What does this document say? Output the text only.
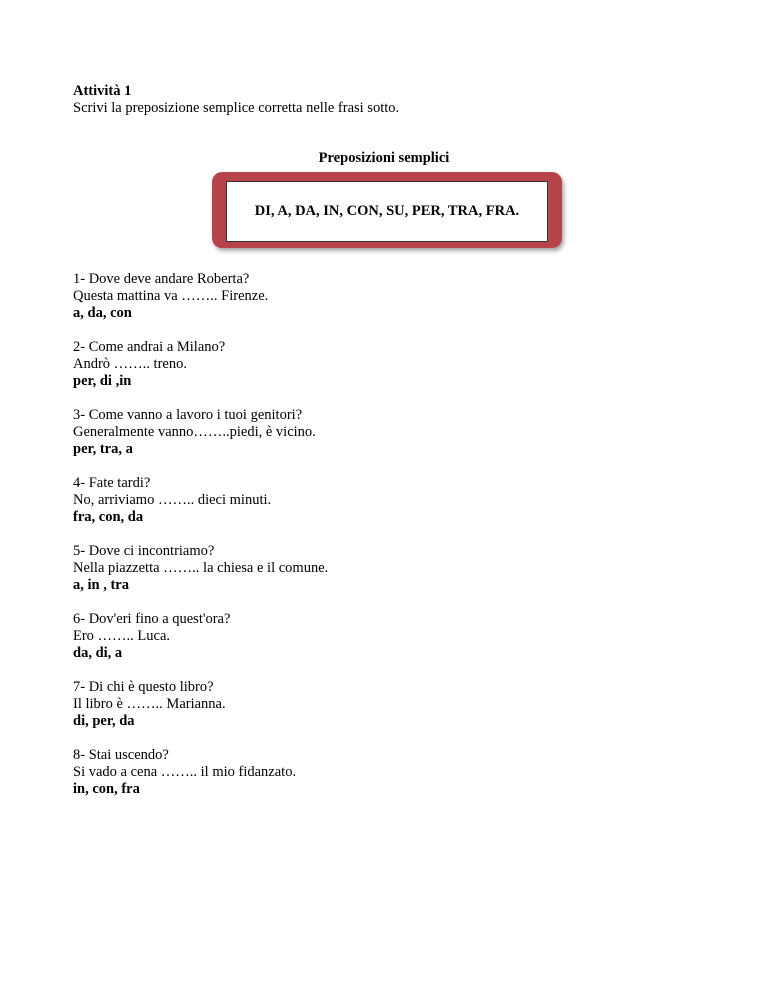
Attività 1
Scrivi la preposizione semplice corretta nelle frasi sotto.
Preposizioni semplici
DI, A, DA, IN, CON, SU, PER, TRA, FRA.
1- Dove deve andare Roberta?
Questa mattina va …….. Firenze.
a, da, con
2- Come andrai a Milano?
Andrò …….. treno.
per, di ,in
3- Come vanno a lavoro i tuoi genitori?
Generalmente vanno……..piedi, è vicino.
per, tra, a
4- Fate tardi?
No, arriviamo …….. dieci minuti.
fra, con, da
5- Dove ci incontriamo?
Nella piazzetta …….. la chiesa e il comune.
a, in , tra
6- Dov'eri fino a quest'ora?
Ero …….. Luca.
da, di, a
7- Di chi è questo libro?
Il libro è …….. Marianna.
di, per, da
8- Stai uscendo?
Si vado a cena …….. il mio fidanzato.
in, con, fra
